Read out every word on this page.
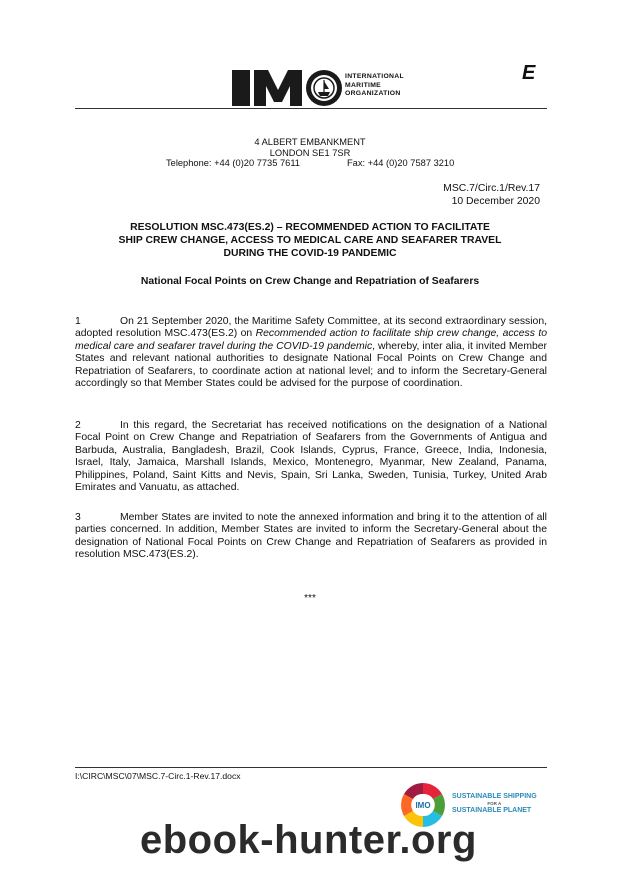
INTERNATIONAL
MARITIME
ORGANIZATION
E
4 ALBERT EMBANKMENT
LONDON SE1 7SR
Telephone: +44 (0)20 7735 7611	Fax: +44 (0)20 7587 3210
MSC.7/Circ.1/Rev.17
10 December 2020
RESOLUTION MSC.473(ES.2) – RECOMMENDED ACTION TO FACILITATE
SHIP CREW CHANGE, ACCESS TO MEDICAL CARE AND SEAFARER TRAVEL
DURING THE COVID-19 PANDEMIC
National Focal Points on Crew Change and Repatriation of Seafarers
1	On 21 September 2020, the Maritime Safety Committee, at its second extraordinary session, adopted resolution MSC.473(ES.2) on Recommended action to facilitate ship crew change, access to medical care and seafarer travel during the COVID-19 pandemic, whereby, inter alia, it invited Member States and relevant national authorities to designate National Focal Points on Crew Change and Repatriation of Seafarers, to coordinate action at national level; and to inform the Secretary-General accordingly so that Member States could be advised for the purpose of coordination.
2	In this regard, the Secretariat has received notifications on the designation of a National Focal Point on Crew Change and Repatriation of Seafarers from the Governments of Antigua and Barbuda, Australia, Bangladesh, Brazil, Cook Islands, Cyprus, France, Greece, India, Indonesia, Israel, Italy, Jamaica, Marshall Islands, Mexico, Montenegro, Myanmar, New Zealand, Panama, Philippines, Poland, Saint Kitts and Nevis, Spain, Sri Lanka, Sweden, Tunisia, Turkey, United Arab Emirates and Vanuatu, as attached.
3	Member States are invited to note the annexed information and bring it to the attention of all parties concerned. In addition, Member States are invited to inform the Secretary-General about the designation of National Focal Points on Crew Change and Repatriation of Seafarers as provided in resolution MSC.473(ES.2).
***
I:\CIRC\MSC\07\MSC.7-Circ.1-Rev.17.docx
IMO
SUSTAINABLE SHIPPING
FOR A
SUSTAINABLE PLANET
ebook-hunter.org
